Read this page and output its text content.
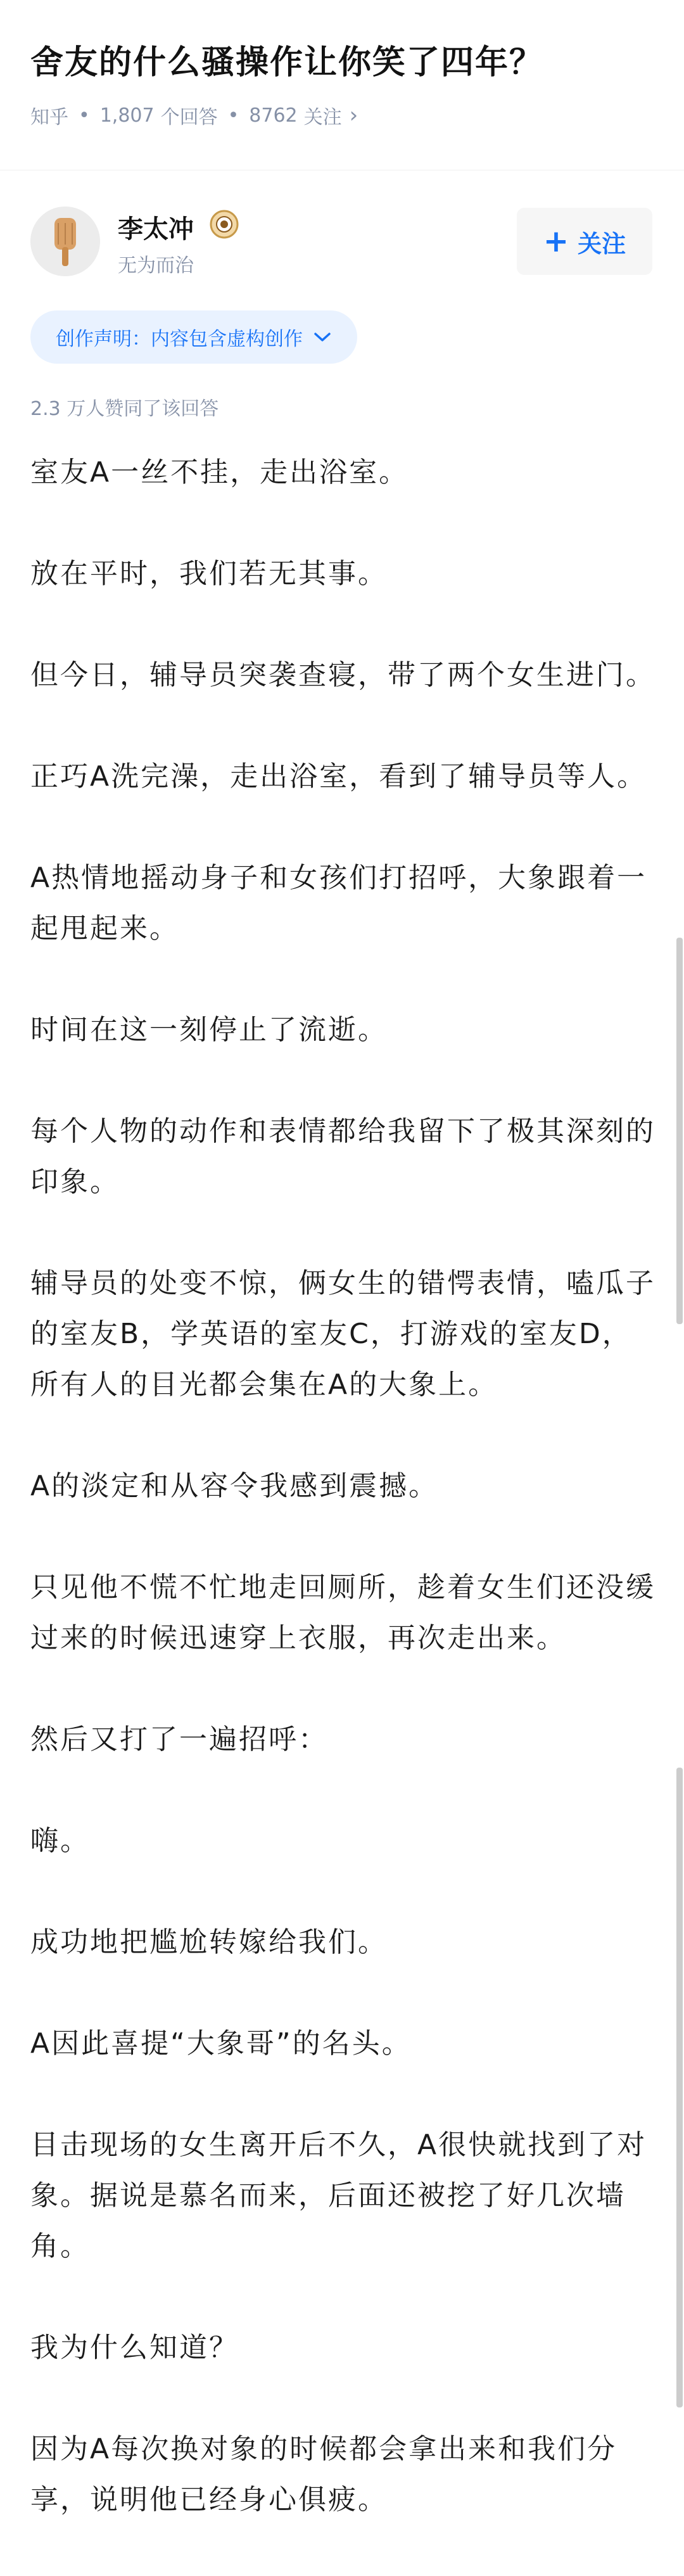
舍友的什么骚操作让你笑了四年？
知乎 • 1,807 个回答 • 8762 关注 ›
李太冲
无为而治
+ 关注
创作声明：内容包含虚构创作
2.3 万人赞同了该回答

室友A一丝不挂，走出浴室。

放在平时，我们若无其事。

但今日，辅导员突袭查寝，带了两个女生进门。

正巧A洗完澡，走出浴室，看到了辅导员等人。

A热情地摇动身子和女孩们打招呼，大象跟着一起甩起来。

时间在这一刻停止了流逝。

每个人物的动作和表情都给我留下了极其深刻的印象。

辅导员的处变不惊，俩女生的错愕表情，嗑瓜子的室友B，学英语的室友C，打游戏的室友D，所有人的目光都会集在A的大象上。

A的淡定和从容令我感到震撼。

只见他不慌不忙地走回厕所，趁着女生们还没缓过来的时候迅速穿上衣服，再次走出来。

然后又打了一遍招呼：

嗨。

成功地把尴尬转嫁给我们。

A因此喜提“大象哥”的名头。

目击现场的女生离开后不久，A很快就找到了对象。据说是慕名而来，后面还被挖了好几次墙角。

我为什么知道？

因为A每次换对象的时候都会拿出来和我们分享，说明他已经身心俱疲。
